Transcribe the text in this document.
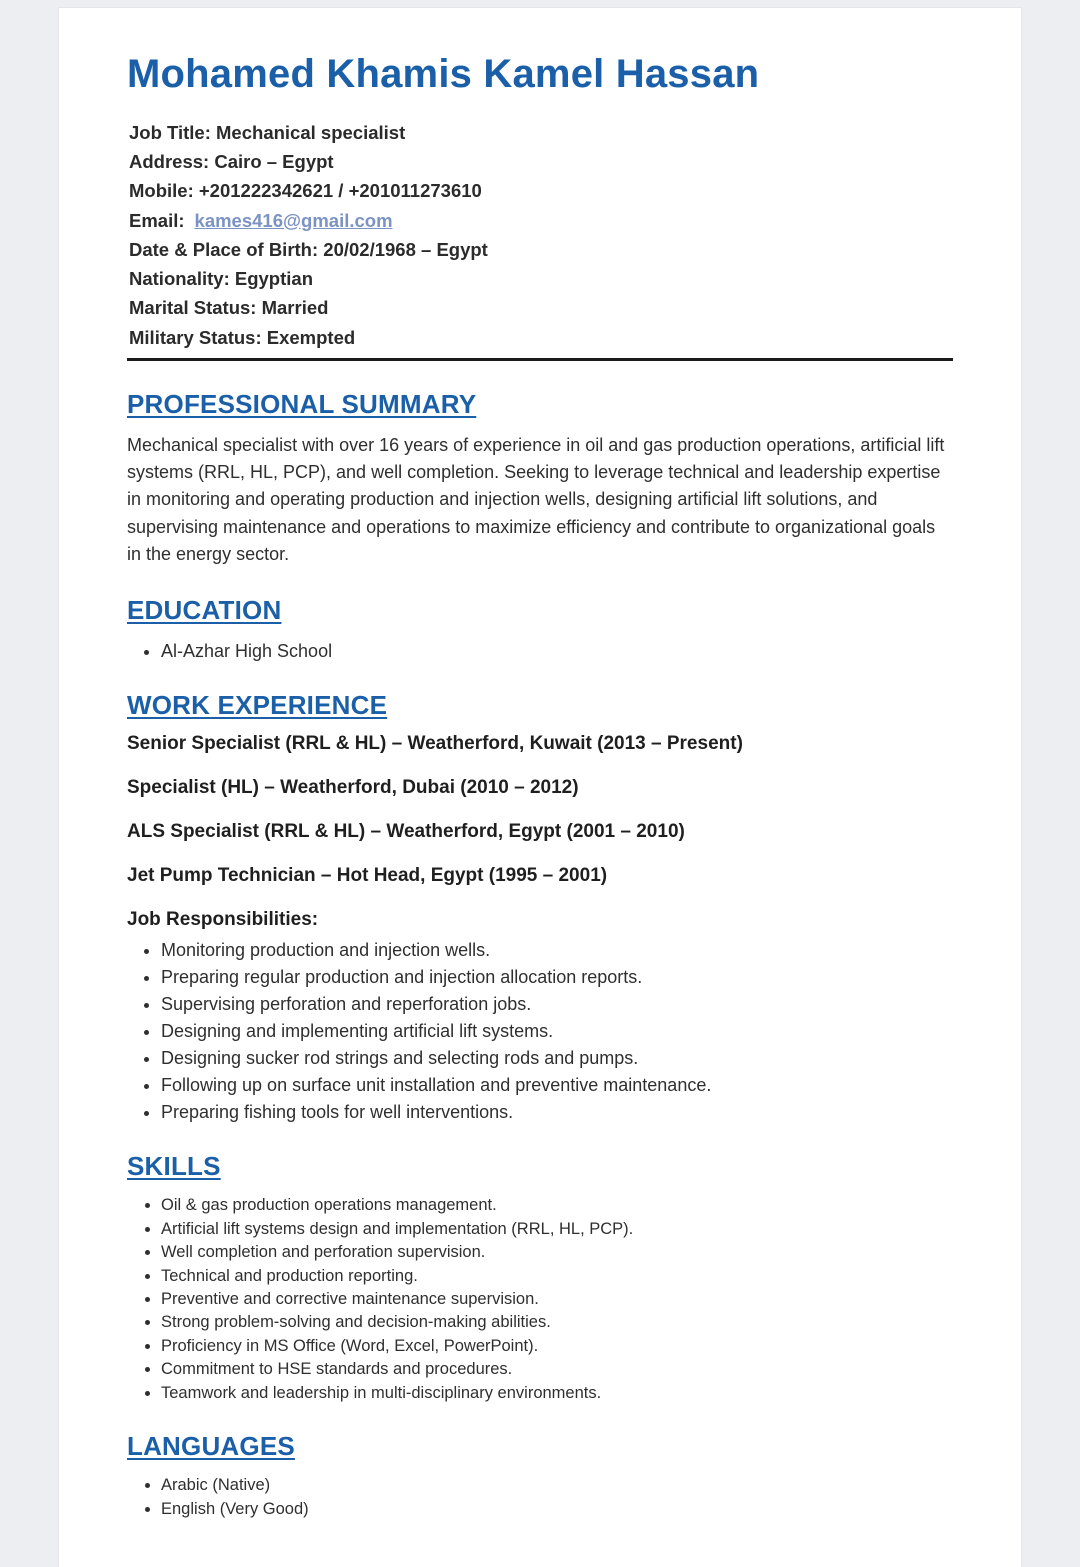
Mohamed Khamis Kamel Hassan
Job Title: Mechanical specialist
Address: Cairo – Egypt
Mobile: +201222342621 / +201011273610
Email: kames416@gmail.com
Date & Place of Birth: 20/02/1968 – Egypt
Nationality: Egyptian
Marital Status: Married
Military Status: Exempted
PROFESSIONAL SUMMARY

Mechanical specialist with over 16 years of experience in oil and gas production operations, artificial lift systems (RRL, HL, PCP), and well completion. Seeking to leverage technical and leadership expertise in monitoring and operating production and injection wells, designing artificial lift solutions, and supervising maintenance and operations to maximize efficiency and contribute to organizational goals in the energy sector.

EDUCATION
• Al-Azhar High School
WORK EXPERIENCE
Senior Specialist (RRL & HL) – Weatherford, Kuwait (2013 – Present)
Specialist (HL) – Weatherford, Dubai (2010 – 2012)
ALS Specialist (RRL & HL) – Weatherford, Egypt (2001 – 2010)
Jet Pump Technician – Hot Head, Egypt (1995 – 2001)
Job Responsibilities:
• Monitoring production and injection wells.
• Preparing regular production and injection allocation reports.
• Supervising perforation and reperforation jobs.
• Designing and implementing artificial lift systems.
• Designing sucker rod strings and selecting rods and pumps.
• Following up on surface unit installation and preventive maintenance.
• Preparing fishing tools for well interventions.
SKILLS
• Oil & gas production operations management.
• Artificial lift systems design and implementation (RRL, HL, PCP).
• Well completion and perforation supervision.
• Technical and production reporting.
• Preventive and corrective maintenance supervision.
• Strong problem-solving and decision-making abilities.
• Proficiency in MS Office (Word, Excel, PowerPoint).
• Commitment to HSE standards and procedures.
• Teamwork and leadership in multi-disciplinary environments.
LANGUAGES
• Arabic (Native)
• English (Very Good)
